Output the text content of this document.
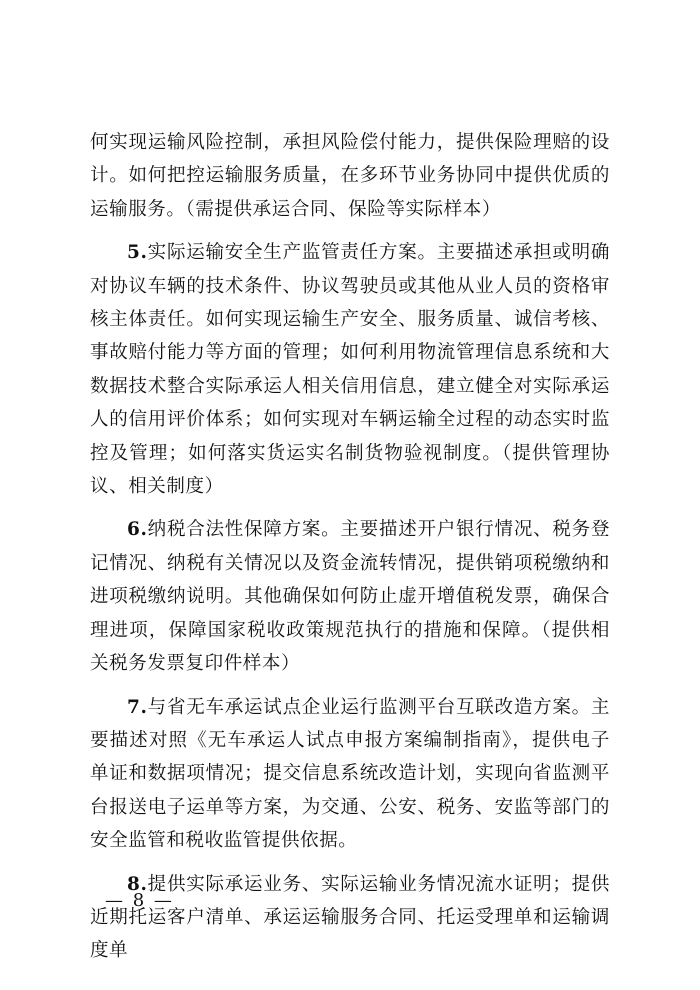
何实现运输风险控制，承担风险偿付能力，提供保险理赔的设计。如何把控运输服务质量，在多环节业务协同中提供优质的运输服务。（需提供承运合同、保险等实际样本）

5.实际运输安全生产监管责任方案。主要描述承担或明确对协议车辆的技术条件、协议驾驶员或其他从业人员的资格审核主体责任。如何实现运输生产安全、服务质量、诚信考核、事故赔付能力等方面的管理；如何利用物流管理信息系统和大数据技术整合实际承运人相关信用信息，建立健全对实际承运人的信用评价体系；如何实现对车辆运输全过程的动态实时监控及管理；如何落实货运实名制货物验视制度。（提供管理协议、相关制度）

6.纳税合法性保障方案。主要描述开户银行情况、税务登记情况、纳税有关情况以及资金流转情况，提供销项税缴纳和进项税缴纳说明。其他确保如何防止虚开增值税发票，确保合理进项，保障国家税收政策规范执行的措施和保障。（提供相关税务发票复印件样本）

7.与省无车承运试点企业运行监测平台互联改造方案。主要描述对照《无车承运人试点申报方案编制指南》，提供电子单证和数据项情况；提交信息系统改造计划，实现向省监测平台报送电子运单等方案，为交通、公安、税务、安监等部门的安全监管和税收监管提供依据。

8.提供实际承运业务、实际运输业务情况流水证明；提供近期托运客户清单、承运运输服务合同、托运受理单和运输调度单

— 8 —
